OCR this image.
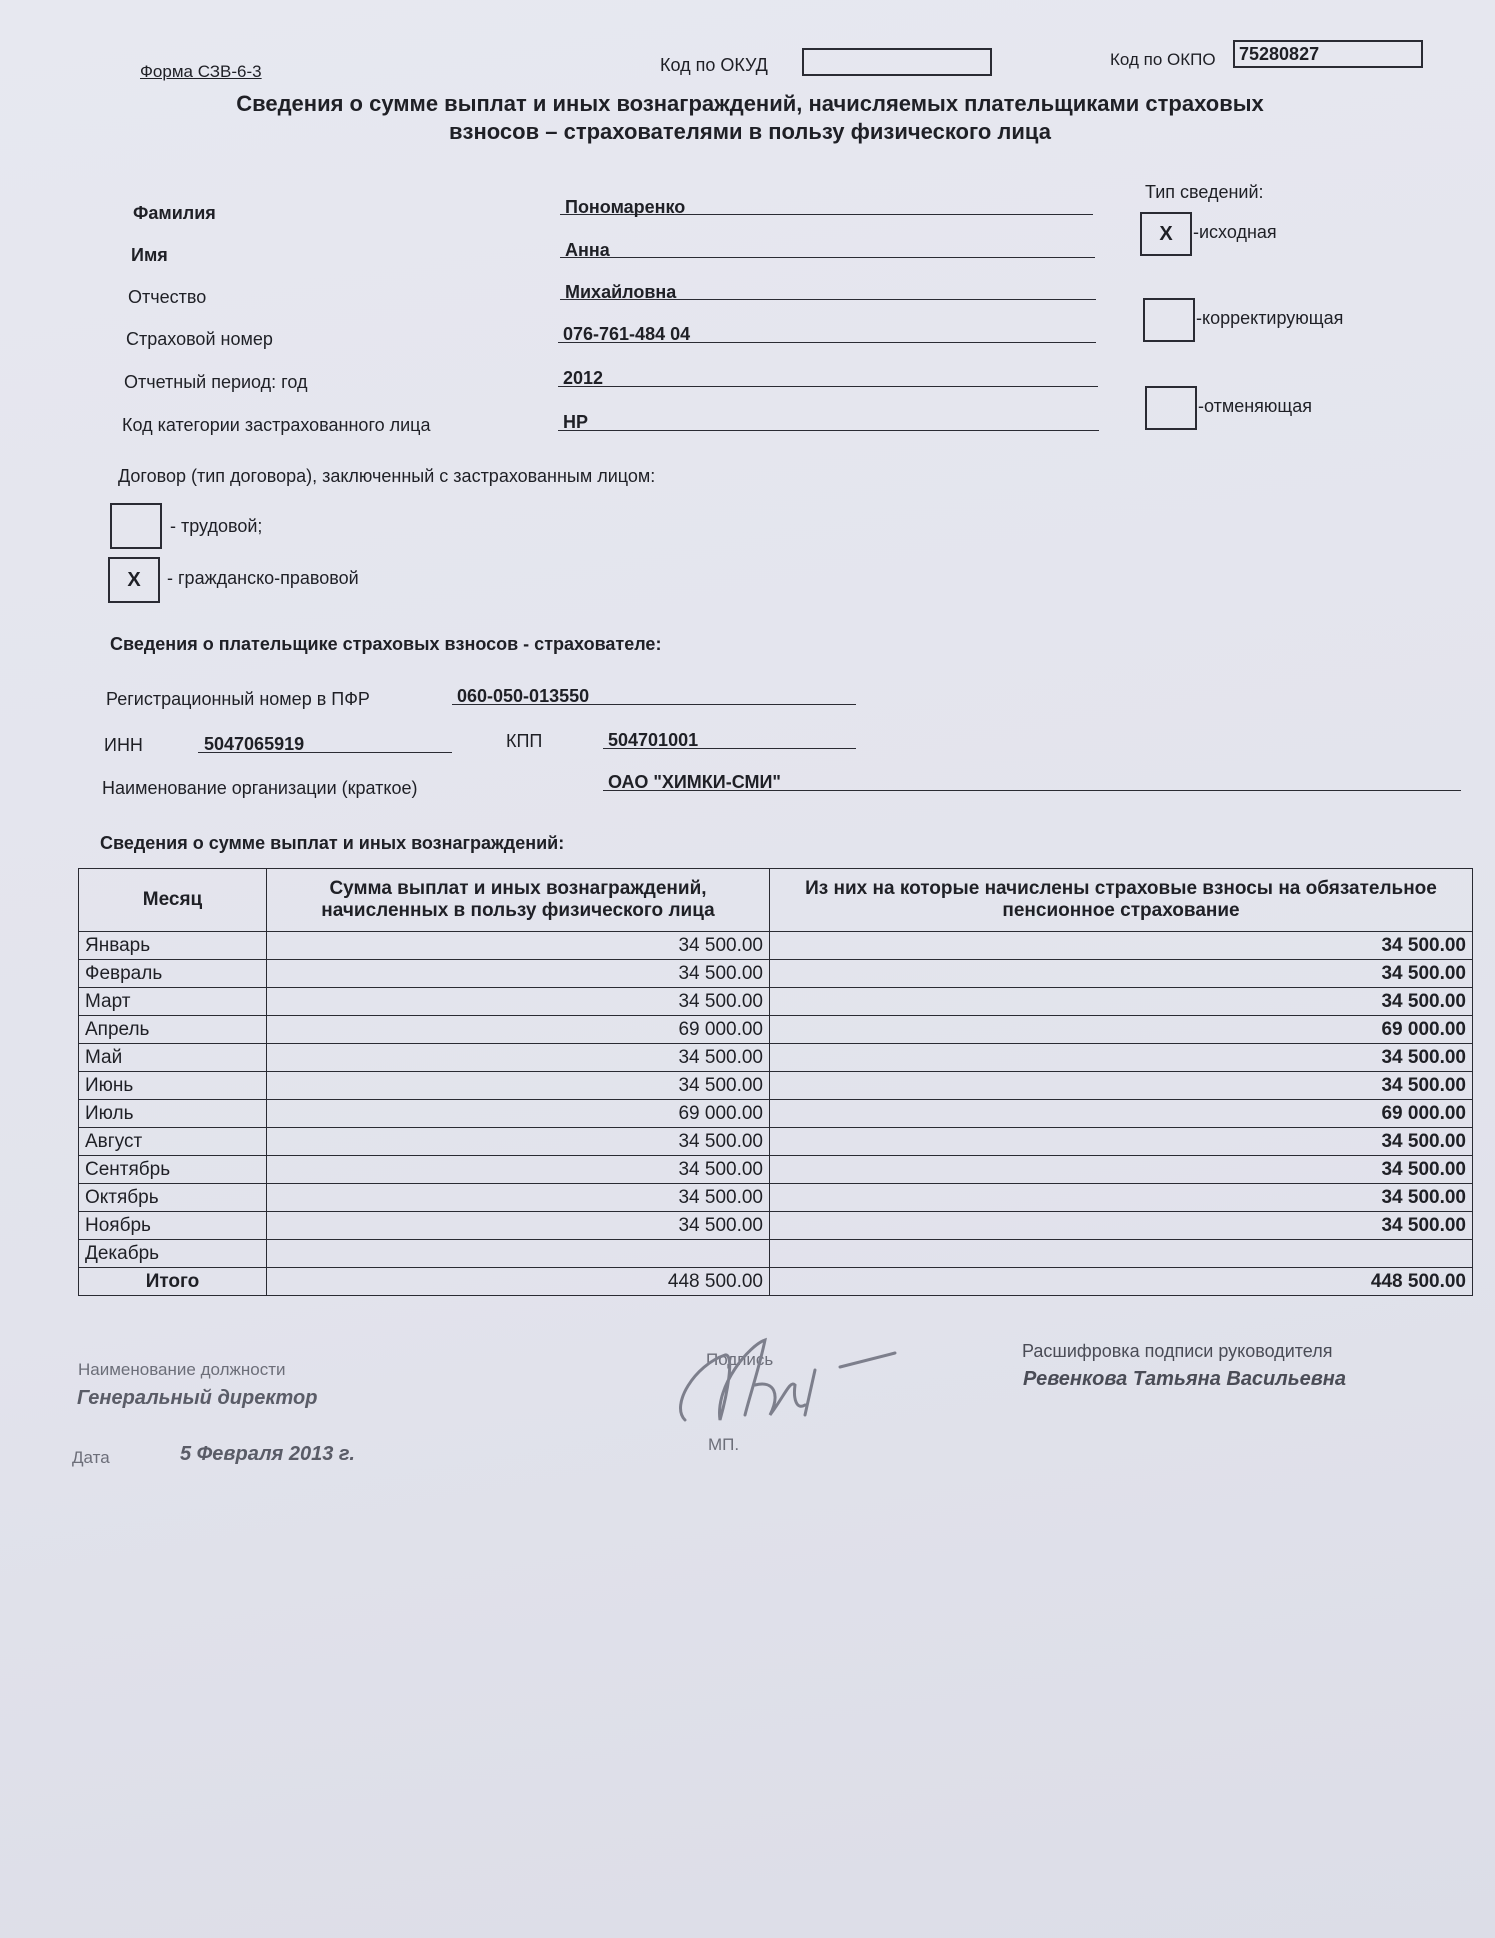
Форма СЗВ-6-3	Код по ОКУД	Код по ОКПО	75280827
Сведения о сумме выплат и иных вознаграждений, начисляемых плательщиками страховых
взносов – страхователями в пользу физического лица
Фамилия	Пономаренко
Имя	Анна
Отчество	Михайловна
Страховой номер	076-761-484 04
Отчетный период: год	2012
Код категории застрахованного лица	НР
Тип сведений:
X	-исходная
-корректирующая
-отменяющая
Договор (тип договора), заключенный с застрахованным лицом:
- трудовой;
X	- гражданско-правовой
Сведения о плательщике страховых взносов - страхователе:
Регистрационный номер в ПФР	060-050-013550
ИНН	5047065919	КПП	504701001
Наименование организации (краткое)	ОАО "ХИМКИ-СМИ"
Сведения о сумме выплат и иных вознаграждений:
Месяц	Сумма выплат и иных вознаграждений, начисленных в пользу физического лица	Из них на которые начислены страховые взносы на обязательное пенсионное страхование
Январь	34 500.00	34 500.00
Февраль	34 500.00	34 500.00
Март	34 500.00	34 500.00
Апрель	69 000.00	69 000.00
Май	34 500.00	34 500.00
Июнь	34 500.00	34 500.00
Июль	69 000.00	69 000.00
Август	34 500.00	34 500.00
Сентябрь	34 500.00	34 500.00
Октябрь	34 500.00	34 500.00
Ноябрь	34 500.00	34 500.00
Декабрь		
Итого	448 500.00	448 500.00
Наименование должности
Генеральный директор
Подпись
МП.
Расшифровка подписи руководителя
Ревенкова Татьяна Васильевна
Дата	5 Февраля 2013 г.
